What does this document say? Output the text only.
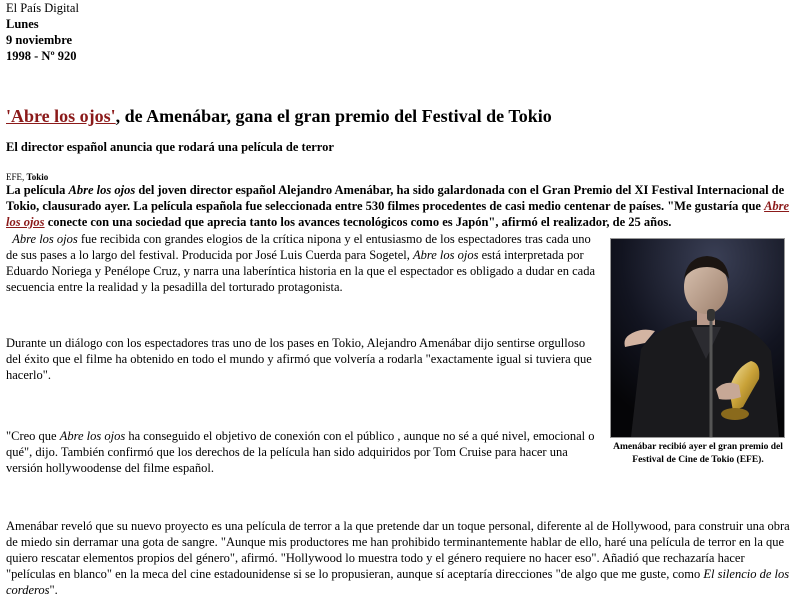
El País Digital
Lunes
9 noviembre
1998 - Nº 920
'Abre los ojos', de Amenábar, gana el gran premio del Festival de Tokio
El director español anuncia que rodará una película de terror
EFE, Tokio
La película Abre los ojos del joven director español Alejandro Amenábar, ha sido galardonada con el Gran Premio del XI Festival Internacional de Tokio, clausurado ayer. La película española fue seleccionada entre 530 filmes procedentes de casi medio centenar de países. "Me gustaría que Abre los ojos conecte con una sociedad que aprecia tanto los avances tecnológicos como es Japón", afirmó el realizador, de 25 años.
Abre los ojos fue recibida con grandes elogios de la crítica nipona y el entusiasmo de los espectadores tras cada uno de sus pases a lo largo del festival. Producida por José Luis Cuerda para Sogetel, Abre los ojos está interpretada por Eduardo Noriega y Penélope Cruz, y narra una laberíntica historia en la que el espectador es obligado a dudar en cada secuencia entre la realidad y la pesadilla del torturado protagonista.
Durante un diálogo con los espectadores tras uno de los pases en Tokio, Alejandro Amenábar dijo sentirse orgulloso del éxito que el filme ha obtenido en todo el mundo y afirmó que volvería a rodarla "exactamente igual si tuviera que hacerlo".
"Creo que Abre los ojos ha conseguido el objetivo de conexión con el público , aunque no sé a qué nivel, emocional o qué", dijo. También confirmó que los derechos de la película han sido adquiridos por Tom Cruise para hacer una versión hollywoodense del filme español.
Amenábar reveló que su nuevo proyecto es una película de terror a la que pretende dar un toque personal, diferente al de Hollywood, para construir una obra de miedo sin derramar una gota de sangre. "Aunque mis productores me han prohibido terminantemente hablar de ello, haré una película de terror en la que quiero rescatar elementos propios del género", afirmó. "Hollywood lo muestra todo y el género requiere no hacer eso". Añadió que rechazaría hacer "películas en blanco" en la meca del cine estadounidense si se lo propusieran, aunque sí aceptaría direcciones "de algo que me guste, como El silencio de los corderos".
Amenábar recibió ayer el gran premio del Festival de Cine de Tokio (EFE).
